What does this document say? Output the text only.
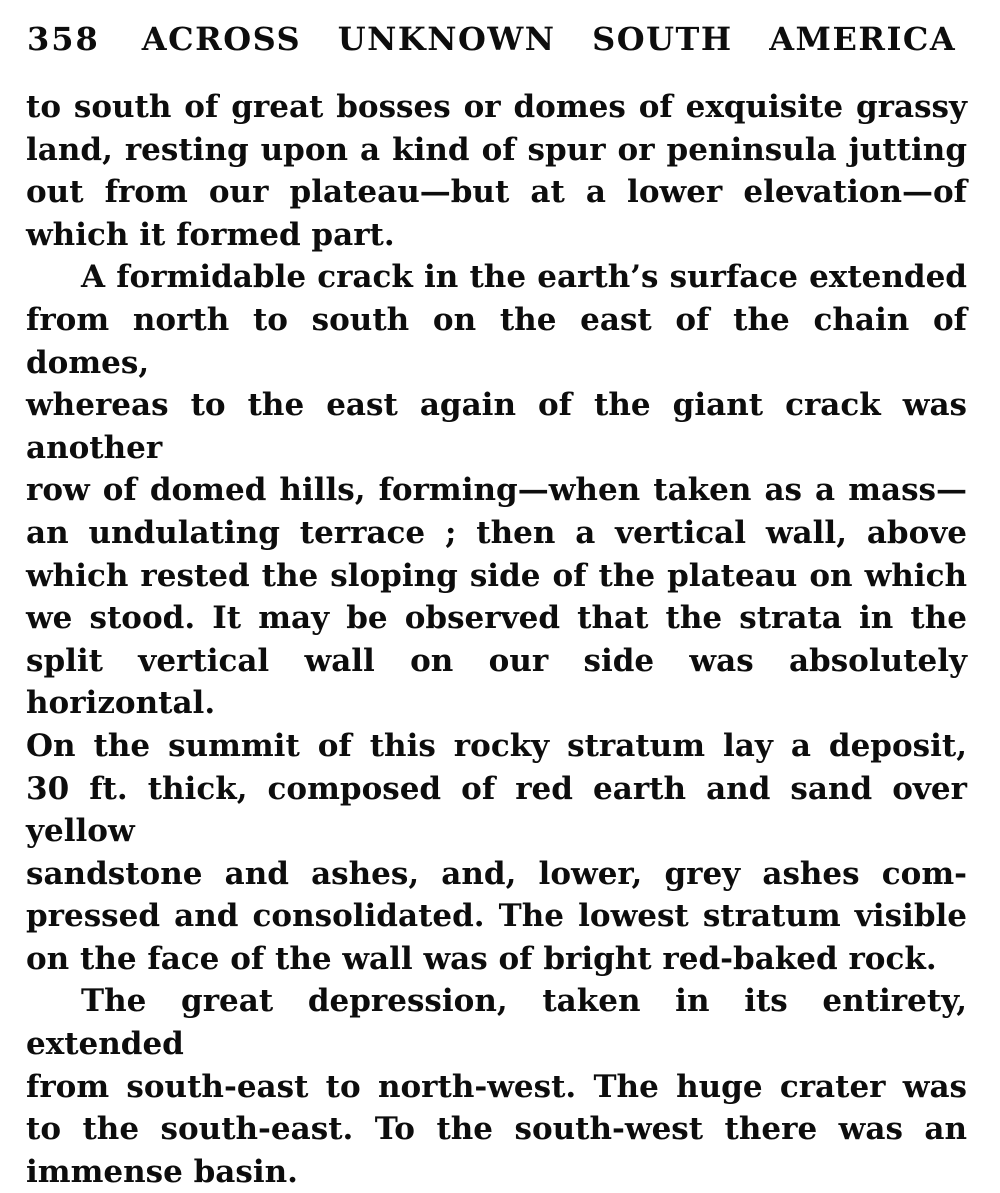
358 ACROSS UNKNOWN SOUTH AMERICA
to south of great bosses or domes of exquisite grassy
land, resting upon a kind of spur or peninsula jutting
out from our plateau—but at a lower elevation—of
which it formed part.
A formidable crack in the earth’s surface extended
from north to south on the east of the chain of domes,
whereas to the east again of the giant crack was another
row of domed hills, forming—when taken as a mass—
an undulating terrace ; then a vertical wall, above
which rested the sloping side of the plateau on which
we stood. It may be observed that the strata in the
split vertical wall on our side was absolutely horizontal.
On the summit of this rocky stratum lay a deposit,
30 ft. thick, composed of red earth and sand over yellow
sandstone and ashes, and, lower, grey ashes com-
pressed and consolidated. The lowest stratum visible
on the face of the wall was of bright red-baked rock.
The great depression, taken in its entirety, extended
from south-east to north-west. The huge crater was
to the south-east. To the south-west there was an
immense basin.
